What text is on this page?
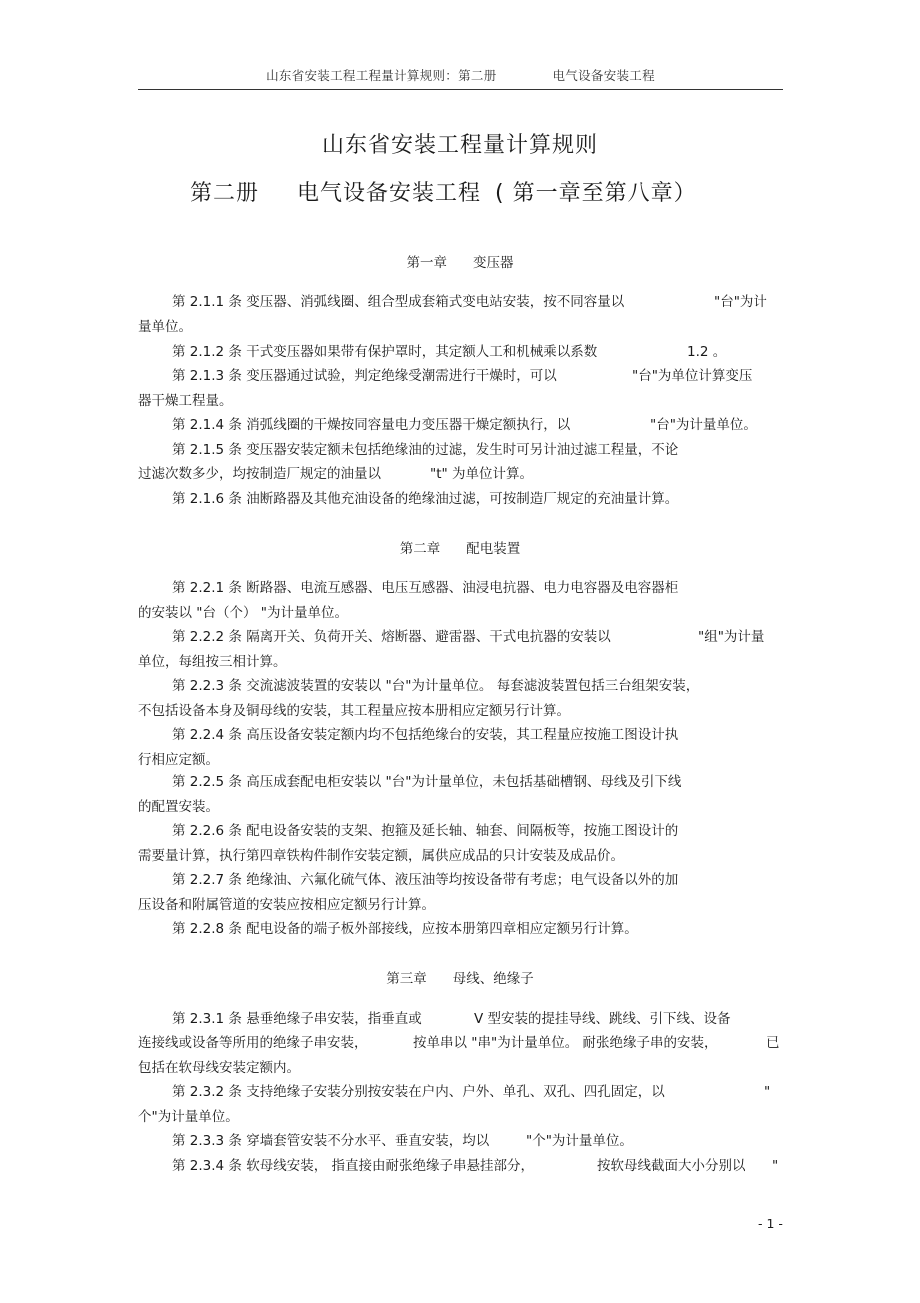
山东省安装工程工程量计算规则：第二册	电气设备安装工程
山东省安装工程量计算规则
第二册 电气设备安装工程 ( 第一章至第八章）
第一章 变压器
第 2.1.1 条 变压器、消弧线圈、组合型成套箱式变电站安装，按不同容量以	"台"为计
量单位。
第 2.1.2 条 干式变压器如果带有保护罩时，其定额人工和机械乘以系数	1.2 。
第 2.1.3 条 变压器通过试验，判定绝缘受潮需进行干燥时，可以	"台"为单位计算变压
器干燥工程量。
第 2.1.4 条 消弧线圈的干燥按同容量电力变压器干燥定额执行，以	"台"为计量单位。
第 2.1.5 条 变压器安装定额未包括绝缘油的过滤，发生时可另计油过滤工程量，不论
过滤次数多少，均按制造厂规定的油量以	"t" 为单位计算。
第 2.1.6 条 油断路器及其他充油设备的绝缘油过滤，可按制造厂规定的充油量计算。
第二章 配电装置
第 2.2.1 条 断路器、电流互感器、电压互感器、油浸电抗器、电力电容器及电容器柜
的安装以 "台（个） "为计量单位。
第 2.2.2 条 隔离开关、负荷开关、熔断器、避雷器、干式电抗器的安装以	"组"为计量
单位，每组按三相计算。
第 2.2.3 条 交流滤波装置的安装以 "台"为计量单位。 每套滤波装置包括三台组架安装，
不包括设备本身及铜母线的安装，其工程量应按本册相应定额另行计算。
第 2.2.4 条 高压设备安装定额内均不包括绝缘台的安装，其工程量应按施工图设计执
行相应定额。
第 2.2.5 条 高压成套配电柜安装以 "台"为计量单位，未包括基础槽钢、母线及引下线
的配置安装。
第 2.2.6 条 配电设备安装的支架、抱箍及延长轴、轴套、间隔板等，按施工图设计的
需要量计算，执行第四章铁构件制作安装定额，属供应成品的只计安装及成品价。
第 2.2.7 条 绝缘油、六氟化硫气体、液压油等均按设备带有考虑；电气设备以外的加
压设备和附属管道的安装应按相应定额另行计算。
第 2.2.8 条 配电设备的端子板外部接线，应按本册第四章相应定额另行计算。
第三章 母线、绝缘子
第 2.3.1 条 悬垂绝缘子串安装，指垂直或	V 型安装的提挂导线、跳线、引下线、设备
连接线或设备等所用的绝缘子串安装，	按单串以 "串"为计量单位。 耐张绝缘子串的安装，	已
包括在软母线安装定额内。
第 2.3.2 条 支持绝缘子安装分别按安装在户内、户外、单孔、双孔、四孔固定，以	"
个"为计量单位。
第 2.3.3 条 穿墙套管安装不分水平、垂直安装，均以	"个"为计量单位。
第 2.3.4 条 软母线安装， 指直接由耐张绝缘子串悬挂部分，	按软母线截面大小分别以 "
- 1 -
